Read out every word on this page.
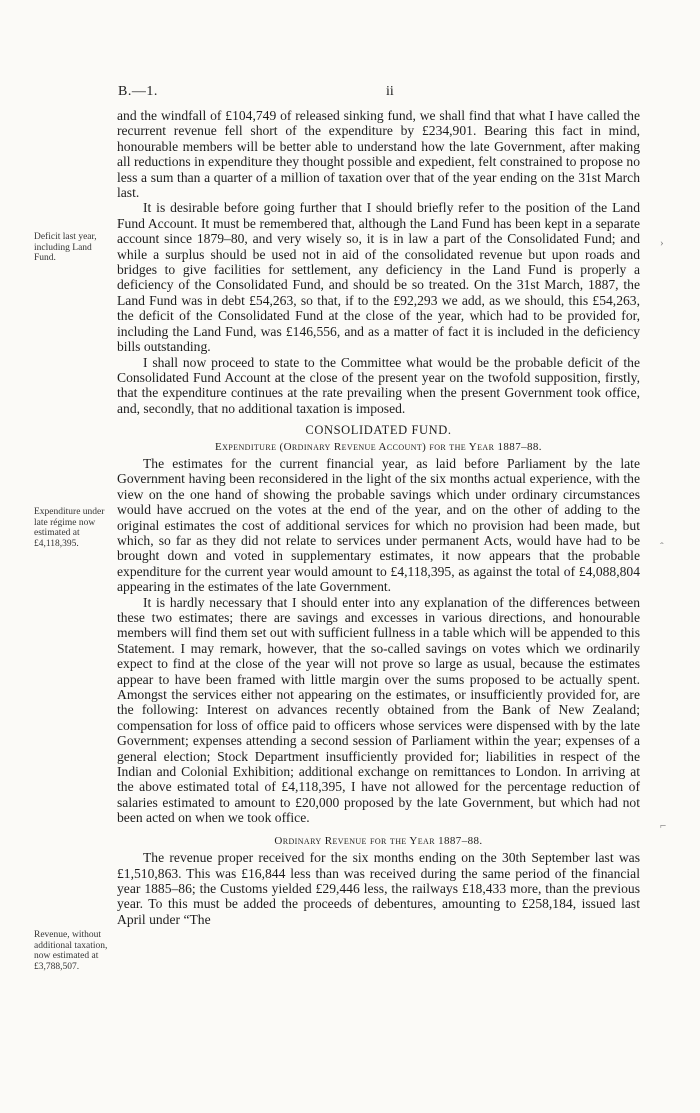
B.—1.	ii
Deficit last year, including Land Fund.
Expenditure under late régime now estimated at £4,118,395.
Revenue, without additional taxation, now estimated at £3,788,507.

and the windfall of £104,749 of released sinking fund, we shall find that what I have called the recurrent revenue fell short of the expenditure by £234,901. Bearing this fact in mind, honourable members will be better able to understand how the late Government, after making all reductions in expenditure they thought possible and expedient, felt constrained to propose no less a sum than a quarter of a million of taxation over that of the year ending on the 31st March last.

It is desirable before going further that I should briefly refer to the position of the Land Fund Account. It must be remembered that, although the Land Fund has been kept in a separate account since 1879–80, and very wisely so, it is in law a part of the Consolidated Fund; and while a surplus should be used not in aid of the consolidated revenue but upon roads and bridges to give facilities for settlement, any deficiency in the Land Fund is properly a deficiency of the Consolidated Fund, and should be so treated. On the 31st March, 1887, the Land Fund was in debt £54,263, so that, if to the £92,293 we add, as we should, this £54,263, the deficit of the Consolidated Fund at the close of the year, which had to be provided for, including the Land Fund, was £146,556, and as a matter of fact it is included in the deficiency bills outstanding.

I shall now proceed to state to the Committee what would be the probable deficit of the Consolidated Fund Account at the close of the present year on the twofold supposition, firstly, that the expenditure continues at the rate prevailing when the present Government took office, and, secondly, that no additional taxation is imposed.

CONSOLIDATED FUND.
Expenditure (Ordinary Revenue Account) for the Year 1887–88.

The estimates for the current financial year, as laid before Parliament by the late Government having been reconsidered in the light of the six months actual experience, with the view on the one hand of showing the probable savings which under ordinary circumstances would have accrued on the votes at the end of the year, and on the other of adding to the original estimates the cost of additional services for which no provision had been made, but which, so far as they did not relate to services under permanent Acts, would have had to be brought down and voted in supplementary estimates, it now appears that the probable expenditure for the current year would amount to £4,118,395, as against the total of £4,088,804 appearing in the estimates of the late Government.

It is hardly necessary that I should enter into any explanation of the differences between these two estimates; there are savings and excesses in various directions, and honourable members will find them set out with sufficient fullness in a table which will be appended to this Statement. I may remark, however, that the so-called savings on votes which we ordinarily expect to find at the close of the year will not prove so large as usual, because the estimates appear to have been framed with little margin over the sums proposed to be actually spent. Amongst the services either not appearing on the estimates, or insufficiently provided for, are the following: Interest on advances recently obtained from the Bank of New Zealand; compensation for loss of office paid to officers whose services were dispensed with by the late Government; expenses attending a second session of Parliament within the year; expenses of a general election; Stock Department insufficiently provided for; liabilities in respect of the Indian and Colonial Exhibition; additional exchange on remittances to London. In arriving at the above estimated total of £4,118,395, I have not allowed for the percentage reduction of salaries estimated to amount to £20,000 proposed by the late Government, but which had not been acted on when we took office.

Ordinary Revenue for the Year 1887–88.

The revenue proper received for the six months ending on the 30th September last was £1,510,863. This was £16,844 less than was received during the same period of the financial year 1885–86; the Customs yielded £29,446 less, the railways £18,433 more, than the previous year. To this must be added the proceeds of debentures, amounting to £258,184, issued last April under “The

›
ˆ
⌐
